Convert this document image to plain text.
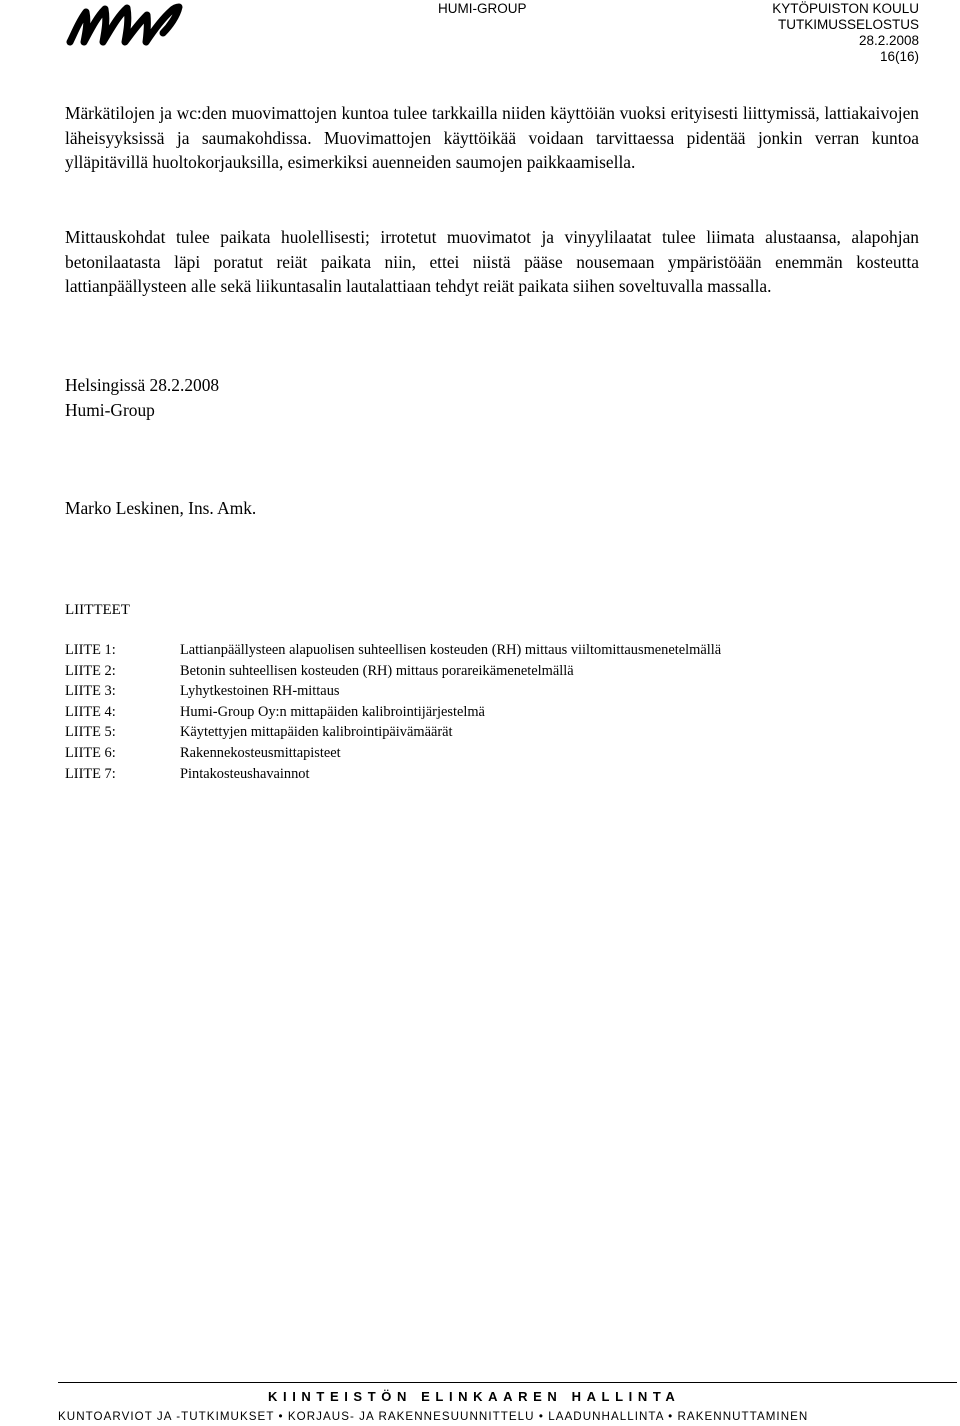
HUMI-GROUP	KYTÖPUISTON KOULU
TUTKIMUSSELOSTUS
28.2.2008
16(16)

Märkätilojen ja wc:den muovimattojen kuntoa tulee tarkkailla niiden käyttöiän vuoksi erityisesti liittymissä, lattiakaivojen läheisyyksissä ja saumakohdissa. Muovimattojen käyttöikää voidaan tarvittaessa pidentää jonkin verran kuntoa ylläpitävillä huoltokorjauksilla, esimerkiksi auenneiden saumojen paikkaamisella.

Mittauskohdat tulee paikata huolellisesti; irrotetut muovimatot ja vinyylilaatat tulee liimata alustaansa, alapohjan betonilaatasta läpi poratut reiät paikata niin, ettei niistä pääse nousemaan ympäristöään enemmän kosteutta lattianpäällysteen alle sekä liikuntasalin lautalattiaan tehdyt reiät paikata siihen soveltuvalla massalla.

Helsingissä 28.2.2008
Humi-Group
Marko Leskinen, Ins. Amk.
LIITTEET
LIITE 1:	Lattianpäällysteen alapuolisen suhteellisen kosteuden (RH) mittaus viiltomittausmenetelmällä
LIITE 2:	Betonin suhteellisen kosteuden (RH) mittaus porareikämenetelmällä
LIITE 3:	Lyhytkestoinen RH-mittaus
LIITE 4:	Humi-Group Oy:n mittapäiden kalibrointijärjestelmä
LIITE 5:	Käytettyjen mittapäiden kalibrointipäivämäärät
LIITE 6:	Rakennekosteusmittapisteet
LIITE 7:	Pintakosteushavainnot
KIINTEISTÖN ELINKAAREN HALLINTA
KUNTOARVIOT JA -TUTKIMUKSET • KORJAUS- JA RAKENNESUUNNITTELU • LAADUNHALLINTA • RAKENNUTTAMINEN
